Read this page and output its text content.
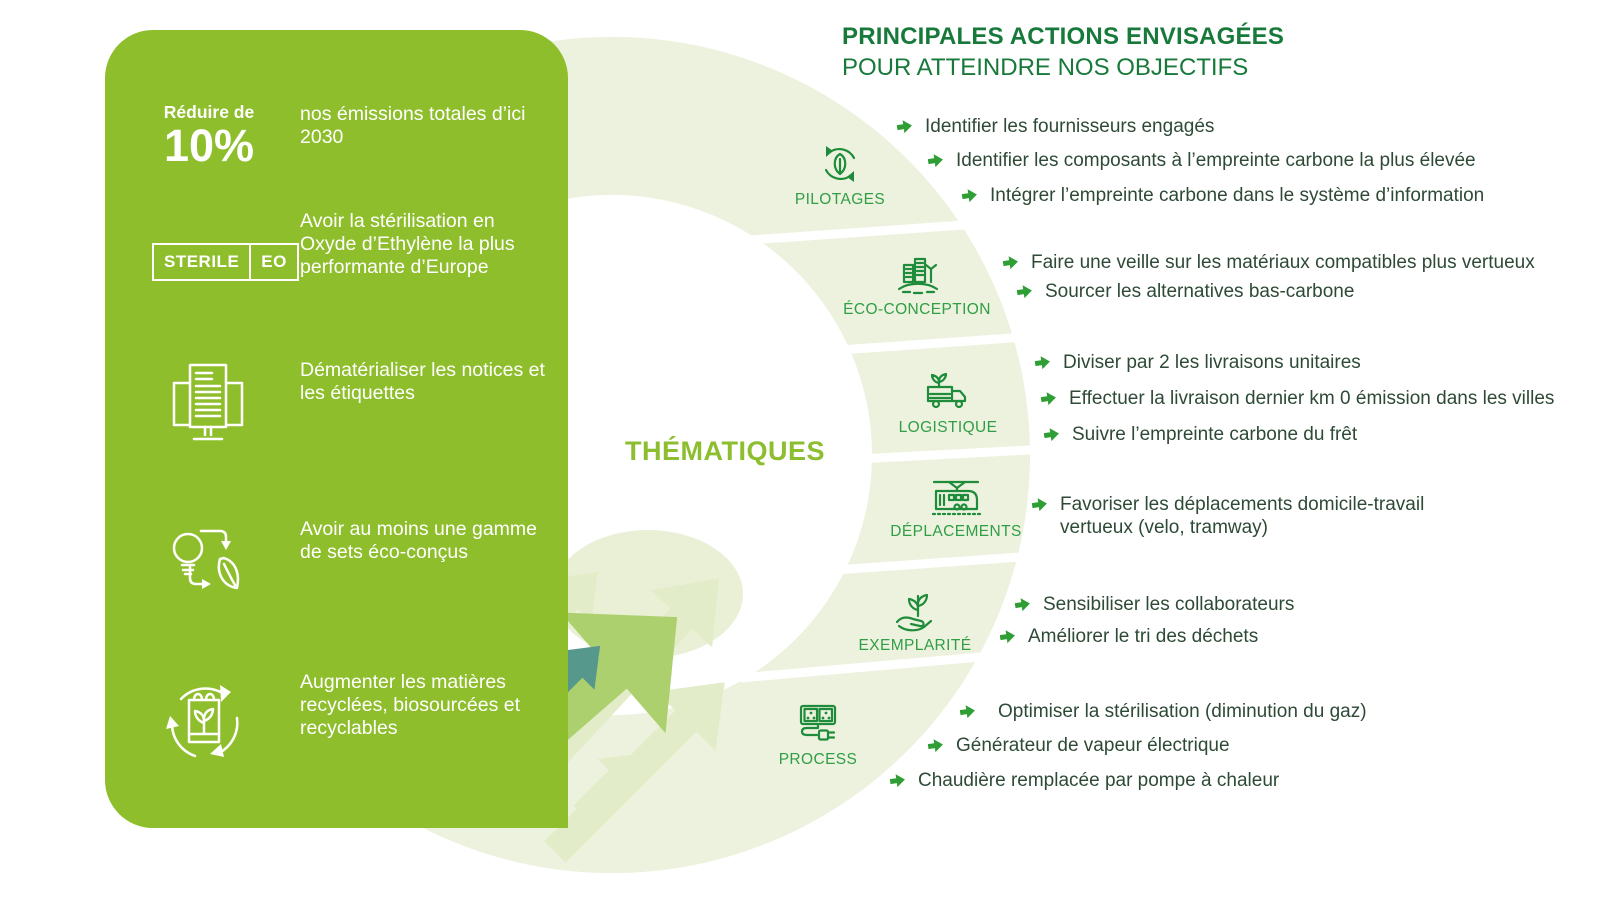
Réduire de
10%
nos émissions totales d’ici 2030
STERILE	EO
Avoir la stérilisation en Oxyde d’Ethylène la plus performante d’Europe
Dématérialiser les notices et les étiquettes
Avoir au moins une gamme de sets éco-conçus
Augmenter les matières recyclées, biosourcées et recyclables
THÉMATIQUES
PRINCIPALES ACTIONS ENVISAGÉES
POUR ATTEINDRE NOS OBJECTIFS
PILOTAGES
ÉCO-CONCEPTION
LOGISTIQUE
DÉPLACEMENTS
EXEMPLARITÉ
PROCESS
Identifier les fournisseurs engagés
Identifier les composants à l’empreinte carbone la plus élevée
Intégrer l’empreinte carbone dans le système d’information
Faire une veille sur les matériaux compatibles plus vertueux
Sourcer les alternatives bas-carbone
Diviser par 2 les livraisons unitaires
Effectuer la livraison dernier km 0 émission dans les villes
Suivre l’empreinte carbone du frêt
Favoriser les déplacements domicile-travail vertueux (velo, tramway)
Sensibiliser les collaborateurs
Améliorer le tri des déchets
Optimiser la stérilisation (diminution du gaz)
Générateur de vapeur électrique
Chaudière remplacée par pompe à chaleur
